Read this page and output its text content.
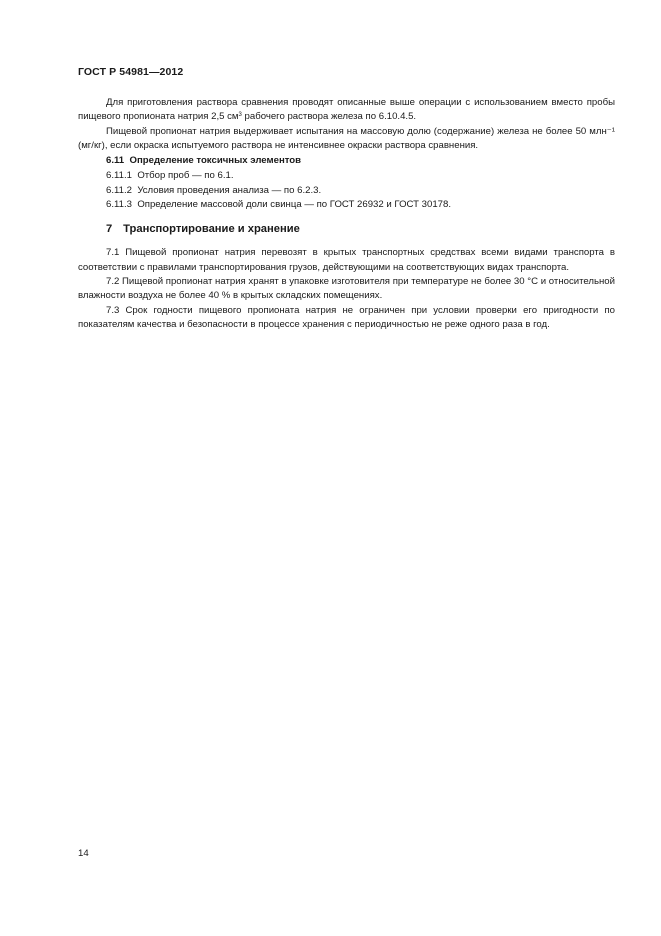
ГОСТ Р 54981—2012

Для приготовления раствора сравнения проводят описанные выше операции с использованием вместо пробы пищевого пропионата натрия 2,5 $см^3$ рабочего раствора железа по 6.10.4.5.

Пищевой пропионат натрия выдерживает испытания на массовую долю (содержание) железа не более 50 млн⁻¹ (мг/кг), если окраска испытуемого раствора не интенсивнее окраски раствора сравнения.

6.11 Определение токсичных элементов

6.11.1 Отбор проб — по 6.1.

6.11.2 Условия проведения анализа — по 6.2.3.

6.11.3 Определение массовой доли свинца — по ГОСТ 26932 и ГОСТ 30178.

7 Транспортирование и хранение

7.1 Пищевой пропионат натрия перевозят в крытых транспортных средствах всеми видами транспорта в соответствии с правилами транспортирования грузов, действующими на соответствующих видах транспорта.

7.2 Пищевой пропионат натрия хранят в упаковке изготовителя при температуре не более 30 °С и относительной влажности воздуха не более 40 % в крытых складских помещениях.

7.3 Срок годности пищевого пропионата натрия не ограничен при условии проверки его пригодности по показателям качества и безопасности в процессе хранения с периодичностью не реже одного раза в год.

14
